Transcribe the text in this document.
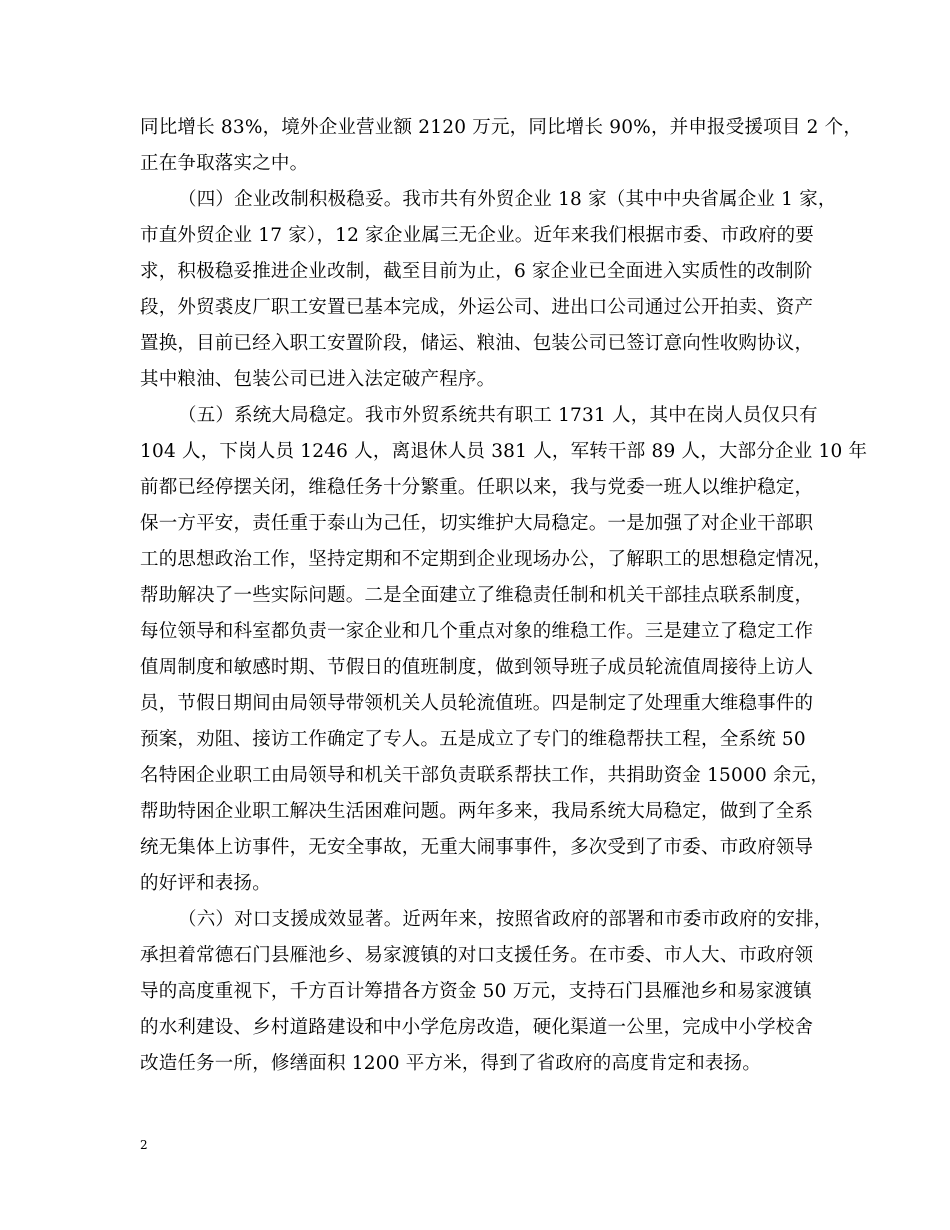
同比增长 83%，境外企业营业额 2120 万元，同比增长 90%，并申报受援项目 2 个，
正在争取落实之中。
（四）企业改制积极稳妥。我市共有外贸企业 18 家（其中中央省属企业 1 家，
市直外贸企业 17 家），12 家企业属三无企业。近年来我们根据市委、市政府的要
求，积极稳妥推进企业改制，截至目前为止，6 家企业已全面进入实质性的改制阶
段，外贸裘皮厂职工安置已基本完成，外运公司、进出口公司通过公开拍卖、资产
置换，目前已经入职工安置阶段，储运、粮油、包装公司已签订意向性收购协议，
其中粮油、包装公司已进入法定破产程序。
（五）系统大局稳定。我市外贸系统共有职工 1731 人，其中在岗人员仅只有
104 人，下岗人员 1246 人，离退休人员 381 人，军转干部 89 人，大部分企业 10 年
前都已经停摆关闭，维稳任务十分繁重。任职以来，我与党委一班人以维护稳定，
保一方平安，责任重于泰山为己任，切实维护大局稳定。一是加强了对企业干部职
工的思想政治工作，坚持定期和不定期到企业现场办公，了解职工的思想稳定情况，
帮助解决了一些实际问题。二是全面建立了维稳责任制和机关干部挂点联系制度，
每位领导和科室都负责一家企业和几个重点对象的维稳工作。三是建立了稳定工作
值周制度和敏感时期、节假日的值班制度，做到领导班子成员轮流值周接待上访人
员，节假日期间由局领导带领机关人员轮流值班。四是制定了处理重大维稳事件的
预案，劝阻、接访工作确定了专人。五是成立了专门的维稳帮扶工程，全系统 50
名特困企业职工由局领导和机关干部负责联系帮扶工作，共捐助资金 15000 余元，
帮助特困企业职工解决生活困难问题。两年多来，我局系统大局稳定，做到了全系
统无集体上访事件，无安全事故，无重大闹事事件，多次受到了市委、市政府领导
的好评和表扬。
（六）对口支援成效显著。近两年来，按照省政府的部署和市委市政府的安排，
承担着常德石门县雁池乡、易家渡镇的对口支援任务。在市委、市人大、市政府领
导的高度重视下，千方百计筹措各方资金 50 万元，支持石门县雁池乡和易家渡镇
的水利建设、乡村道路建设和中小学危房改造，硬化渠道一公里，完成中小学校舍
改造任务一所，修缮面积 1200 平方米，得到了省政府的高度肯定和表扬。
2
